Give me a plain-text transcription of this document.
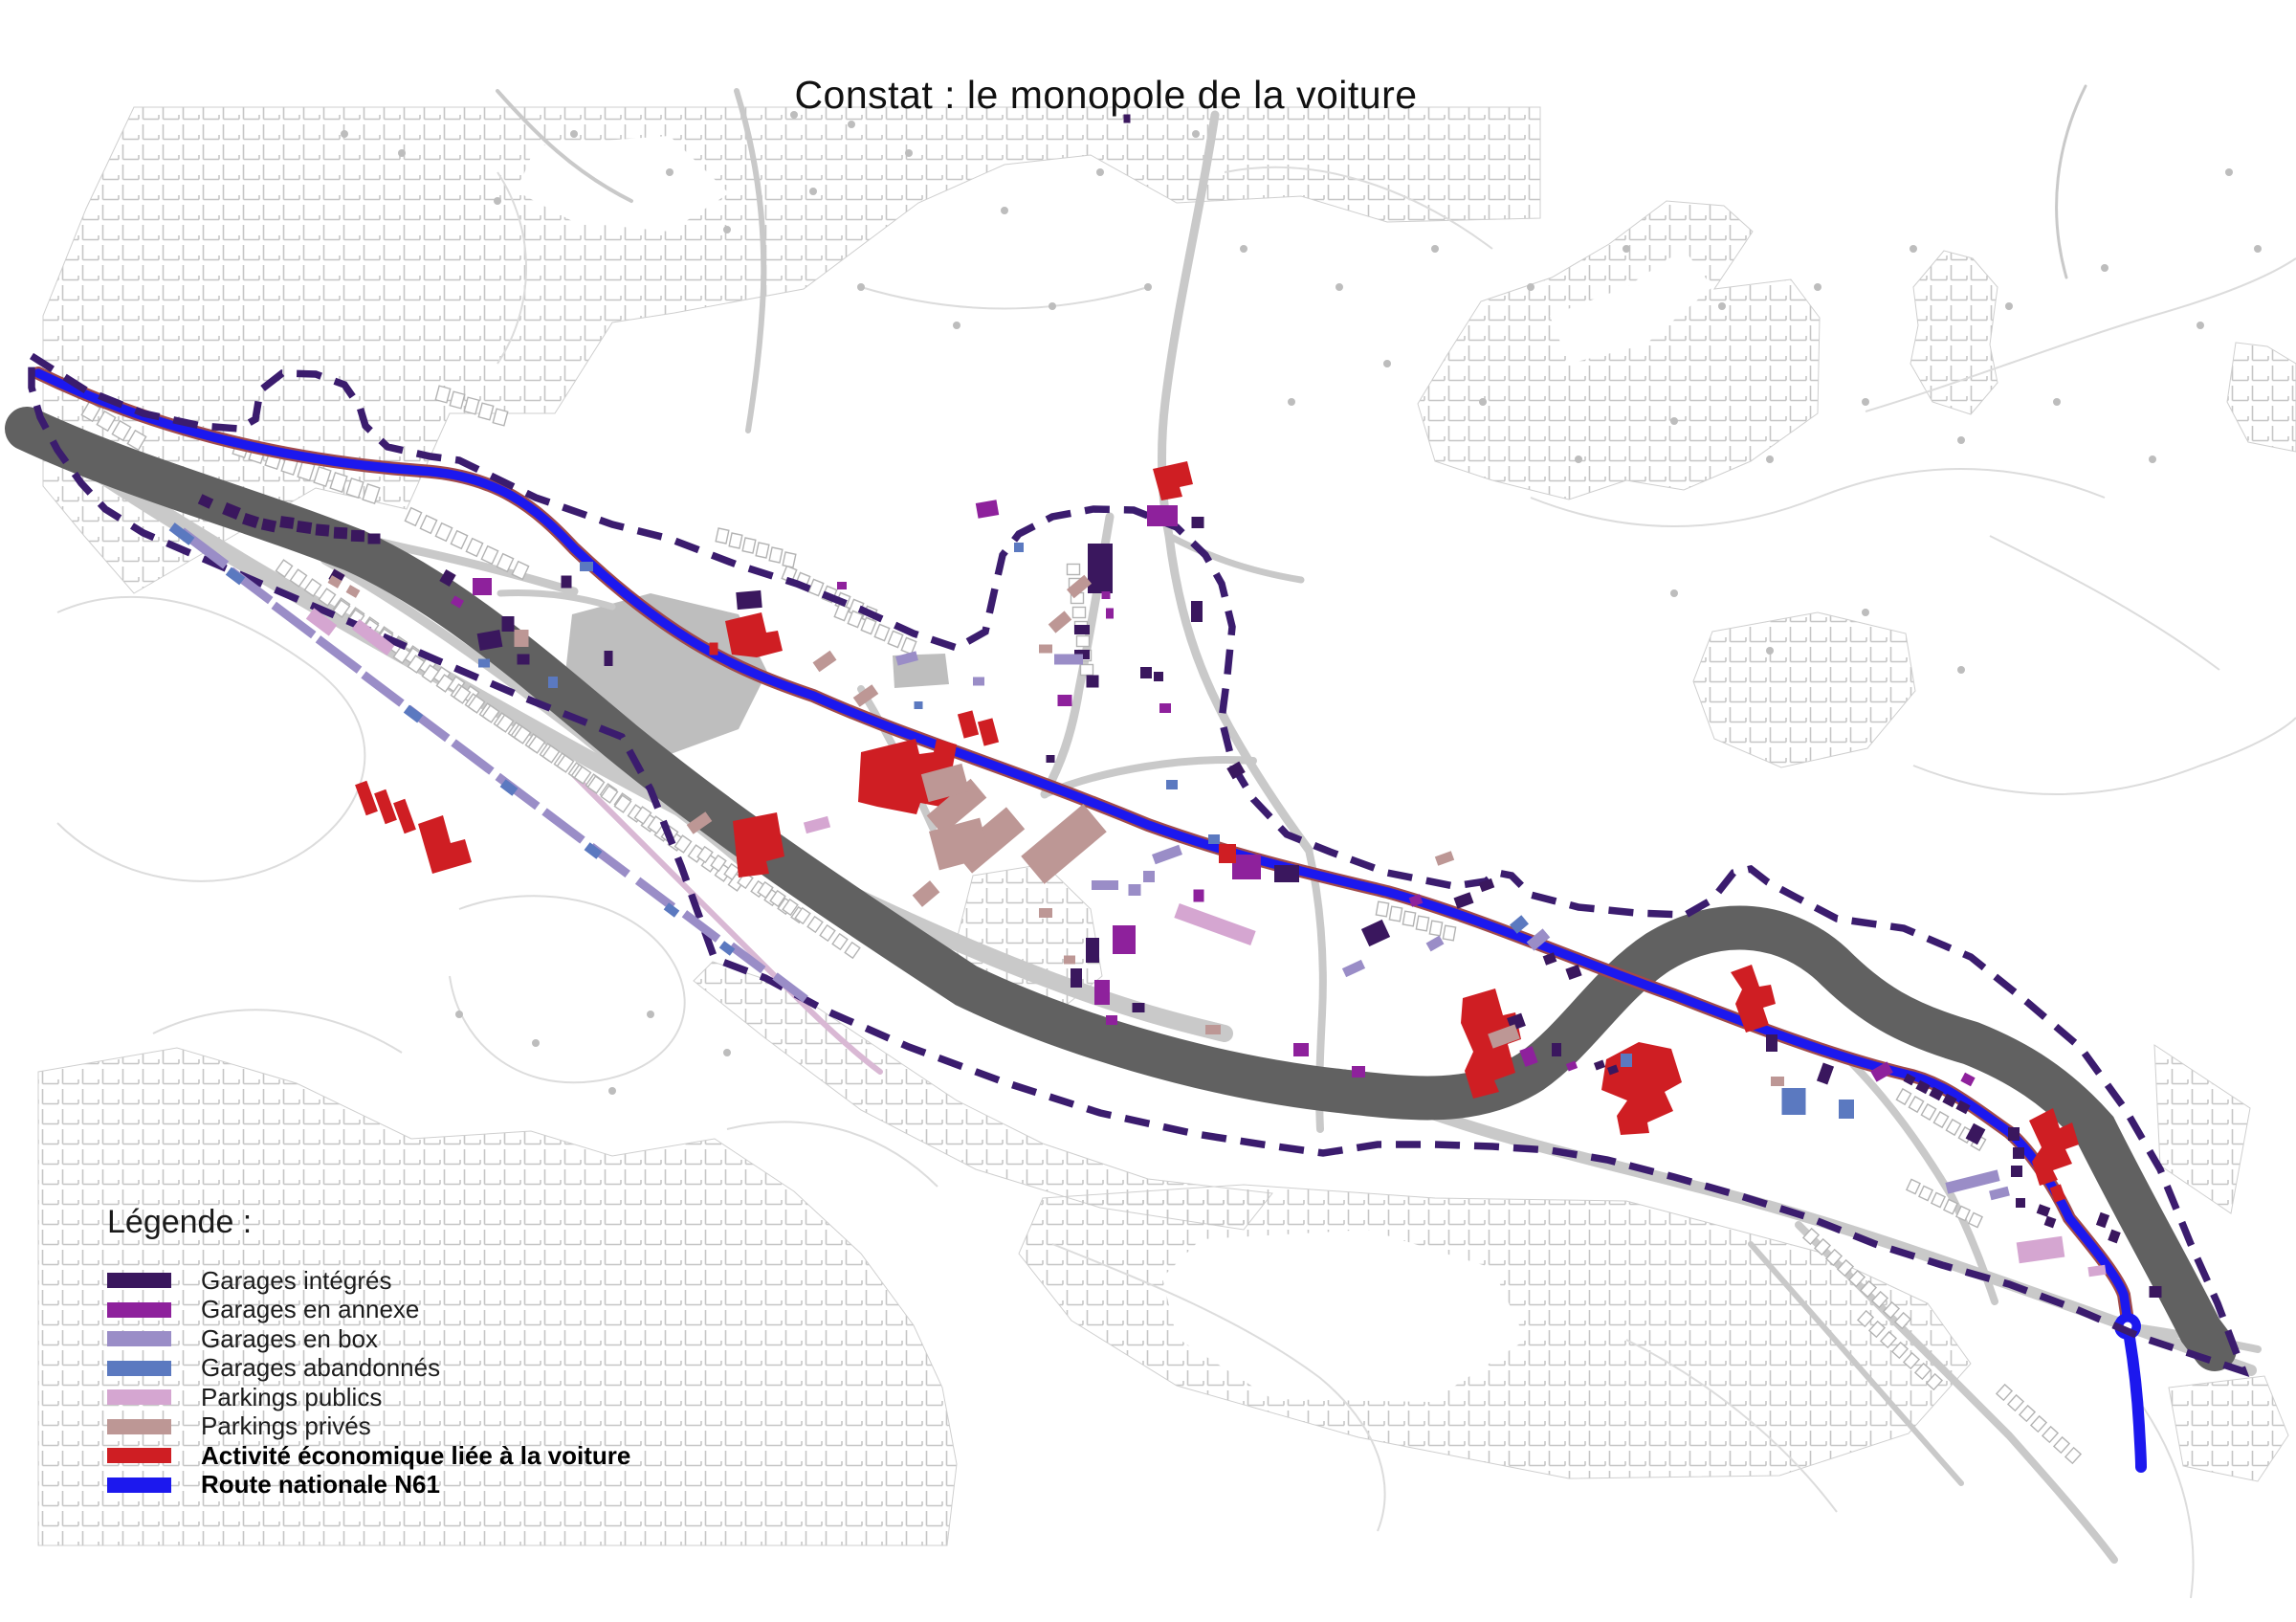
Constat : le monopole de la voiture
Légende :
Garages intégrés
Garages en annexe
Garages en box
Garages abandonnés
Parkings publics
Parkings privés
Activité économique liée à la voiture
Route nationale N61
